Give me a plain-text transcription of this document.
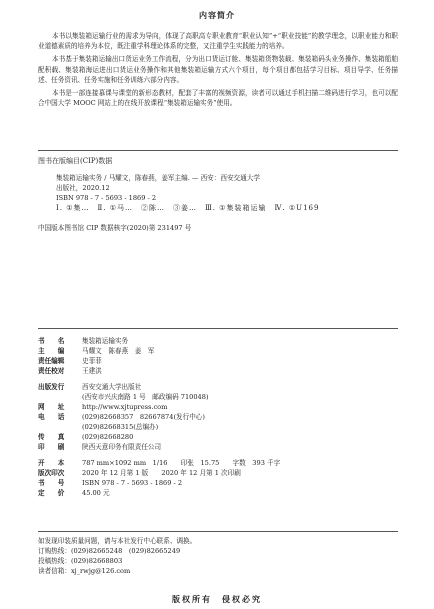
内容简介

本书以集装箱运输行业的需求为导向，体现了高职高专职业教育“职业认知”+“职业技能”的教学理念，以职业能力和职业道德素质的培养为本位，既注重学科理论体系的完整，又注重学生实践能力的培养。

本书基于集装箱运输出口货运业务工作流程，分为出口货运订舱、集装箱货物装载、集装箱码头业务操作、集装箱船舶配积载、集装箱海运进出口货运业务操作和其他集装箱运输方式六个项目，每个项目都包括学习目标、项目导学、任务描述、任务资讯、任务实施和任务训练六部分内容。

本书是一部连接慕课与课堂的新形态教材，配套了丰富的视频资源，读者可以通过手机扫描二维码进行学习，也可以配合中国大学 MOOC 网站上的在线开放课程“集装箱运输实务”使用。

图书在版编目(CIP)数据
集装箱运输实务 / 马耀文，陈春燕，姜军主编. — 西安：西安交通大学
出版社，2020.12
ISBN 978 - 7 - 5693 - 1869 - 2
Ⅰ. ①集…　Ⅱ. ①马…　②陈…　③姜…　Ⅲ. ①集装箱运输　Ⅳ. ①U169
中国版本图书馆 CIP 数据核字(2020)第 231497 号
书　　名	集装箱运输实务
主　　编	马耀文　陈春燕　姜　军
责任编辑	史菲菲
责任校对	王建洪
出版发行	西安交通大学出版社
(西安市兴庆南路 1 号　邮政编码 710048)
网　　址	http://www.xjtupress.com
电　　话	(029)82668357　82667874(发行中心)
(029)82668315(总编办)
传　　真	(029)82668280
印　　刷	陕西天意印务有限责任公司
开　　本	787 mm×1092 mm　1/16　　印张　15.75　　字数　393 千字
版次印次	2020 年 12 月第 1 版　　2020 年 12 月第 1 次印刷
书　　号	ISBN 978 - 7 - 5693 - 1869 - 2
定　　价	45.00 元
如发现印装质量问题，请与本社发行中心联系、调换。
订购热线：(029)82665248　(029)82665249
投稿热线：(029)82668803
读者信箱：xj_rwjg@126.com
版权所有　侵权必究
